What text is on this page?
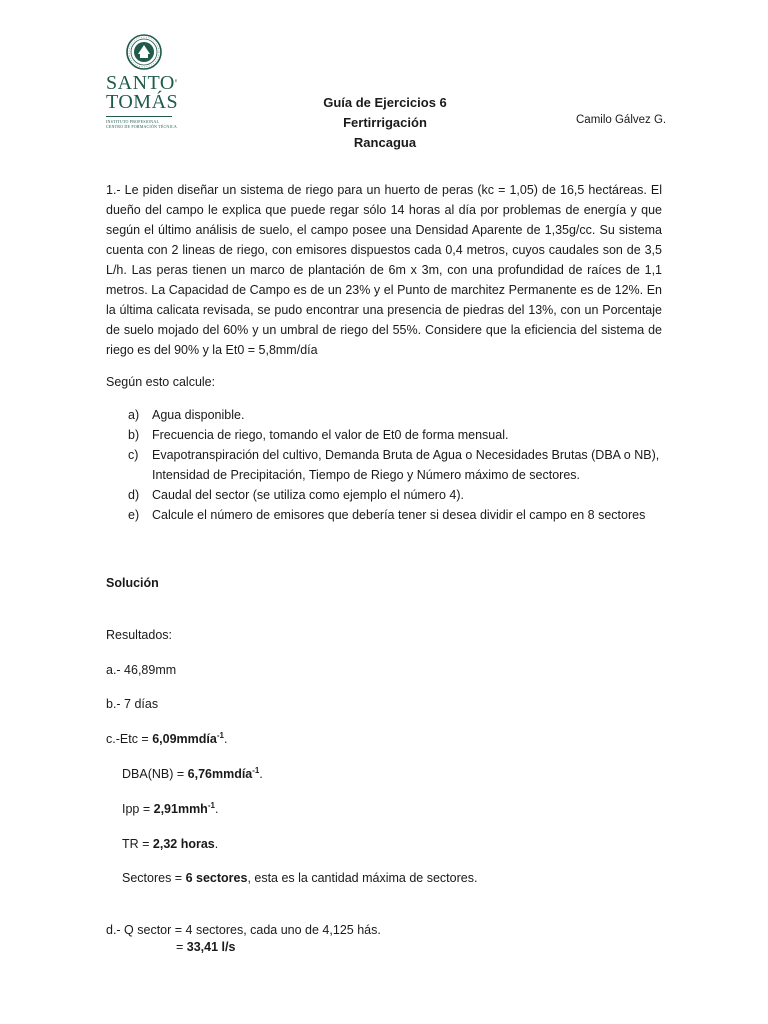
SANTO'
TOMÁS
INSTITUTO PROFESIONAL
CENTRO DE FORMACIÓN TÉCNICA
Guía de Ejercicios 6
Fertirrigación
Rancagua
Camilo Gálvez G.
1.- Le piden diseñar un sistema de riego para un huerto de peras (kc = 1,05) de 16,5 hectáreas. El dueño del campo le explica que puede regar sólo 14 horas al día por problemas de energía y que según el último análisis de suelo, el campo posee una Densidad Aparente de 1,35g/cc. Su sistema cuenta con 2 lineas de riego, con emisores dispuestos cada 0,4 metros, cuyos caudales son de 3,5 L/h. Las peras tienen un marco de plantación de 6m x 3m, con una profundidad de raíces de 1,1 metros. La Capacidad de Campo es de un 23% y el Punto de marchitez Permanente es de 12%. En la última calicata revisada, se pudo encontrar una presencia de piedras del 13%, con un Porcentaje de suelo mojado del 60% y un umbral de riego del 55%. Considere que la eficiencia del sistema de riego es del 90% y la Et0 = 5,8mm/día
Según esto calcule:
a) Agua disponible.
b) Frecuencia de riego, tomando el valor de Et0 de forma mensual.
c) Evapotranspiración del cultivo, Demanda Bruta de Agua o Necesidades Brutas (DBA o NB), Intensidad de Precipitación, Tiempo de Riego y Número máximo de sectores.
d) Caudal del sector (se utiliza como ejemplo el número 4).
e) Calcule el número de emisores que debería tener si desea dividir el campo en 8 sectores
Solución
Resultados:
a.- 46,89mm
b.- 7 días
c.-Etc = 6,09mmdía$^{-1}$.
DBA(NB) = 6,76mmdía$^{-1}$.
Ipp = 2,91mmh$^{-1}$.
TR = 2,32 horas.
Sectores = 6 sectores, esta es la cantidad máxima de sectores.
d.- Q sector = 4 sectores, cada uno de 4,125 hás.
= 33,41 l/s
